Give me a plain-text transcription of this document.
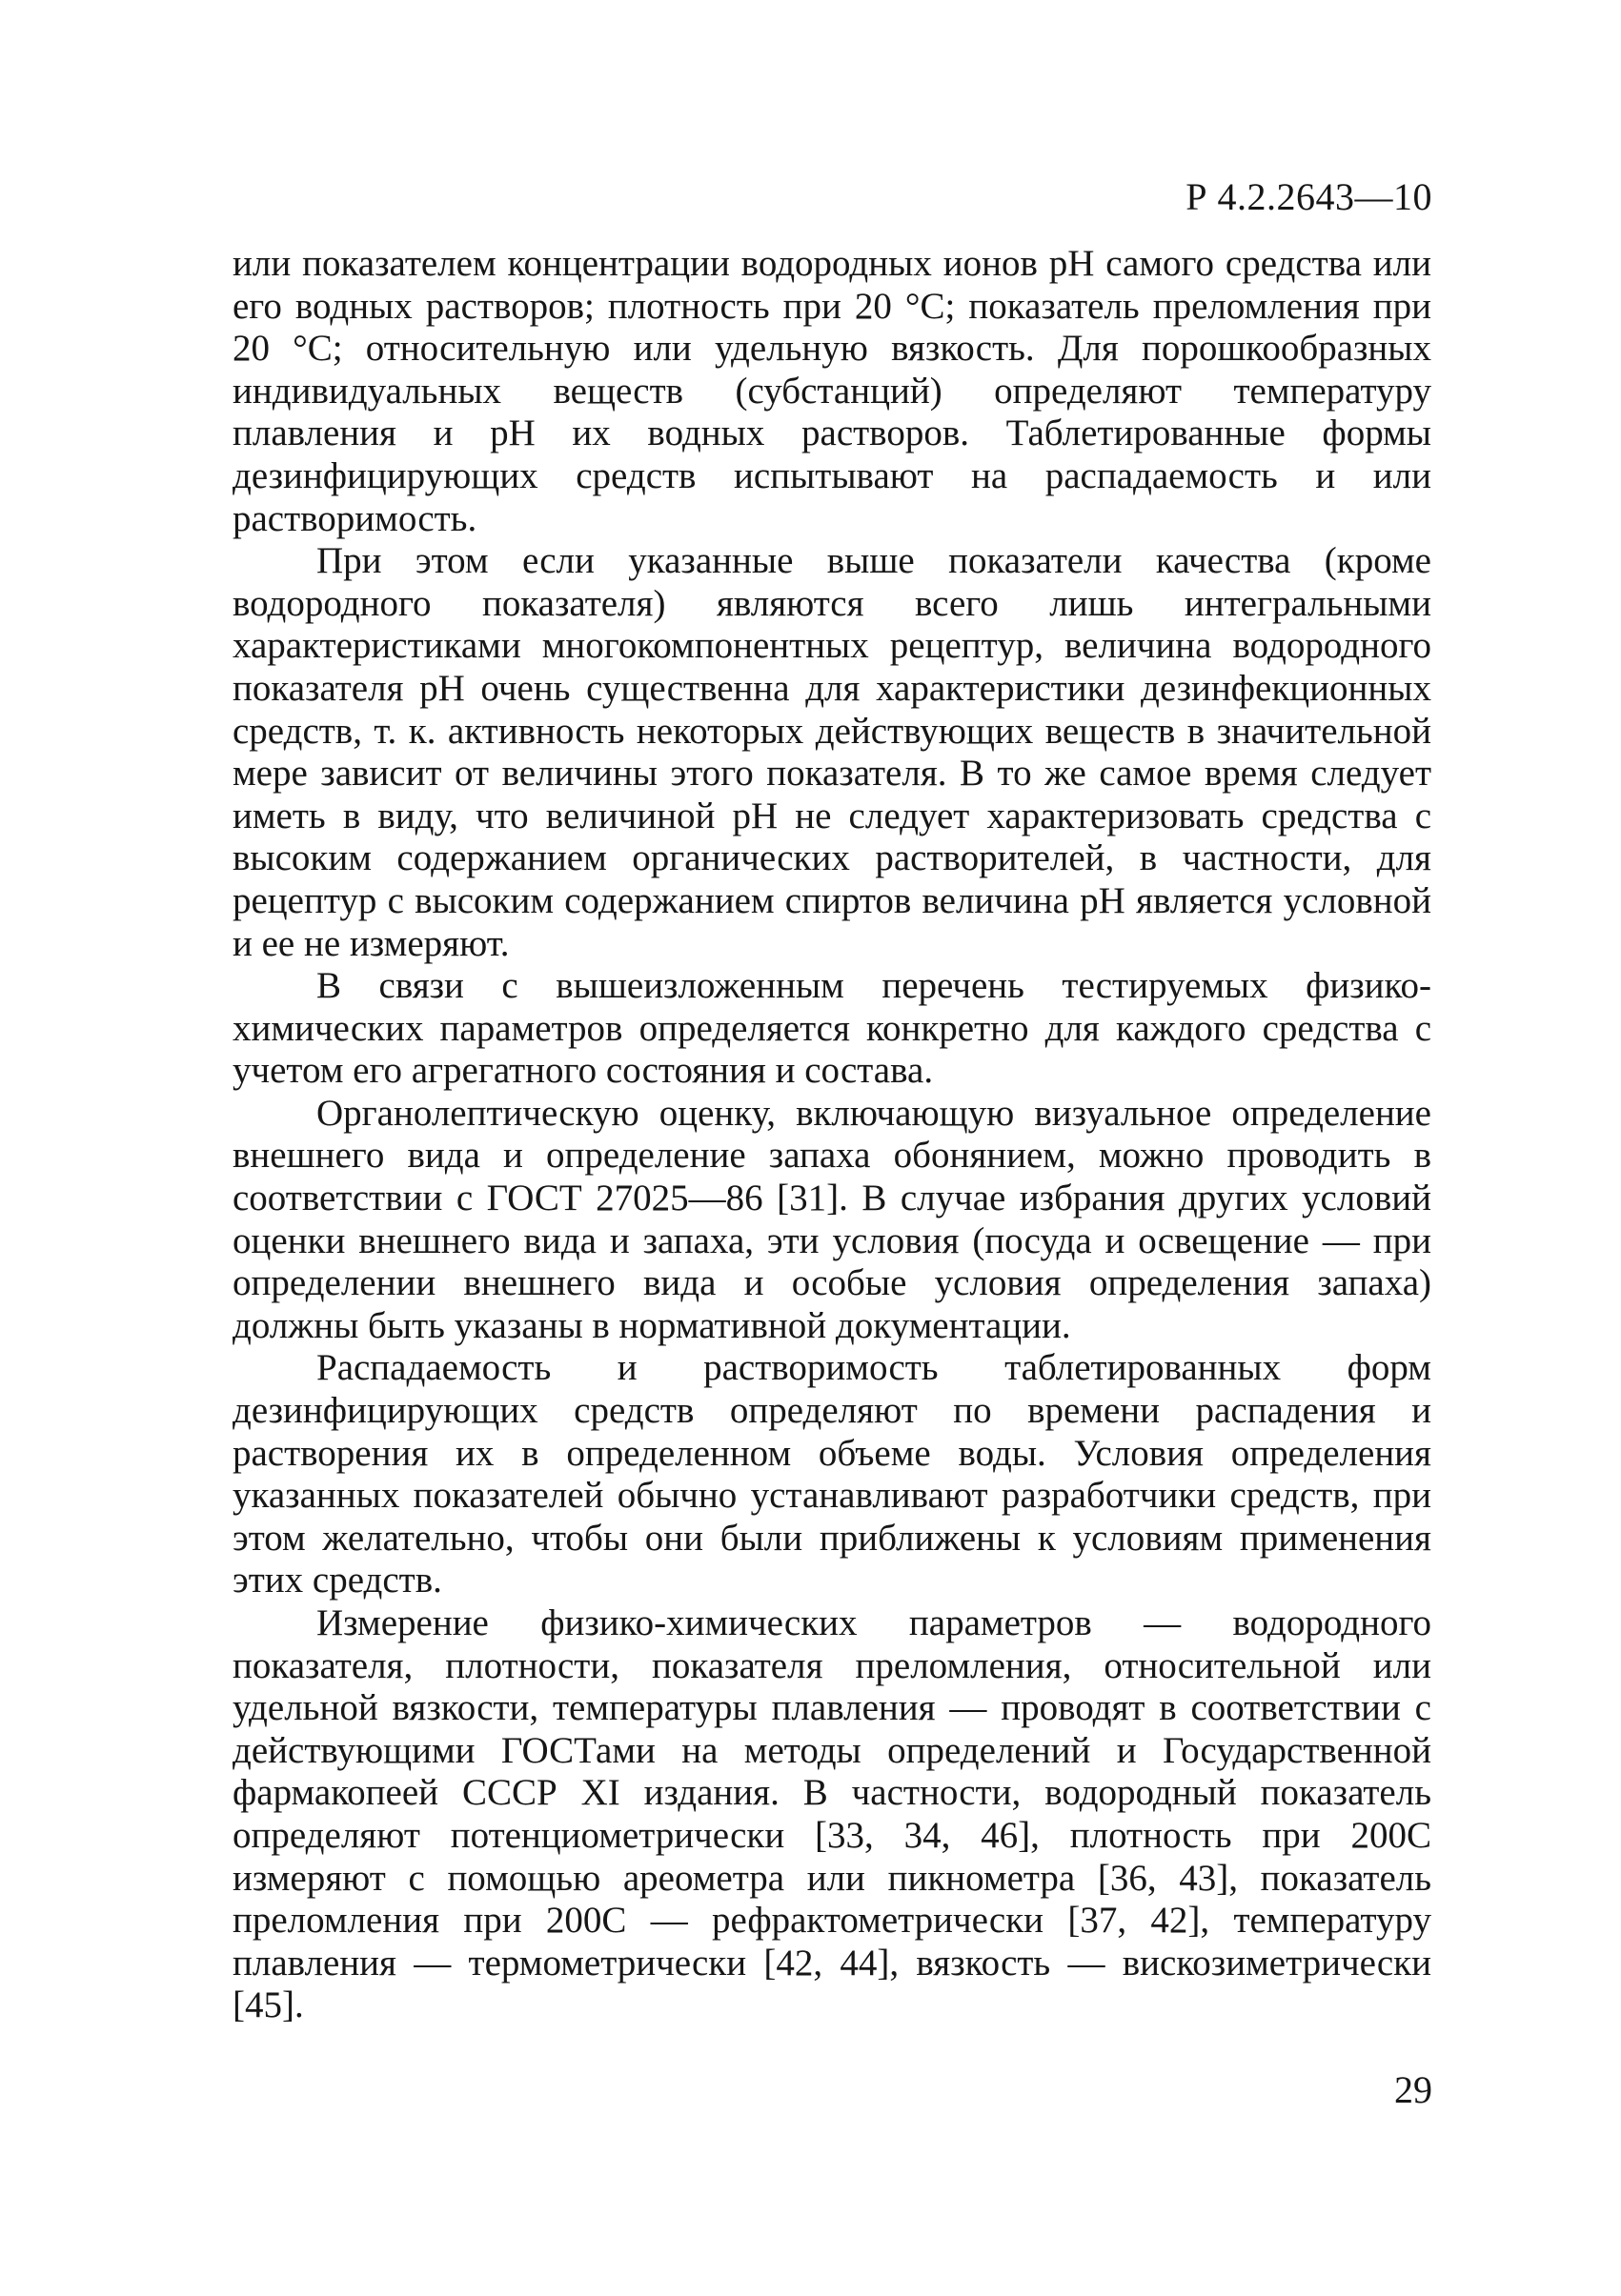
Р 4.2.2643—10

или показателем концентрации водородных ионов рН самого средства или его водных растворов; плотность при 20 °С; показатель преломления при 20 °С; относительную или удельную вязкость. Для порошкообразных индивидуальных веществ (субстанций) определяют температуру плавления и рН их водных растворов. Таблетированные формы дезинфицирующих средств испытывают на распадаемость и или растворимость.

При этом если указанные выше показатели качества (кроме водородного показателя) являются всего лишь интегральными характеристиками многокомпонентных рецептур, величина водородного показателя рН очень существенна для характеристики дезинфекционных средств, т. к. активность некоторых действующих веществ в значительной мере зависит от величины этого показателя. В то же самое время следует иметь в виду, что величиной рН не следует характеризовать средства с высоким содержанием органических растворителей, в частности, для рецептур с высоким содержанием спиртов величина рН является условной и ее не измеряют.

В связи с вышеизложенным перечень тестируемых физико-химических параметров определяется конкретно для каждого средства с учетом его агрегатного состояния и состава.

Органолептическую оценку, включающую визуальное определение внешнего вида и определение запаха обонянием, можно проводить в соответствии с ГОСТ 27025—86 [31]. В случае избрания других условий оценки внешнего вида и запаха, эти условия (посуда и освещение — при определении внешнего вида и особые условия определения запаха) должны быть указаны в нормативной документации.

Распадаемость и растворимость таблетированных форм дезинфицирующих средств определяют по времени распадения и растворения их в определенном объеме воды. Условия определения указанных показателей обычно устанавливают разработчики средств, при этом желательно, чтобы они были приближены к условиям применения этих средств.

Измерение физико-химических параметров — водородного показателя, плотности, показателя преломления, относительной или удельной вязкости, температуры плавления — проводят в соответствии с действующими ГОСТами на методы определений и Государственной фармакопеей СССР XI издания. В частности, водородный показатель определяют потенциометрически [33, 34, 46], плотность при 200С измеряют с помощью ареометра или пикнометра [36, 43], показатель преломления при 200С — рефрактометрически [37, 42], температуру плавления — термометрически [42, 44], вязкость — вискозиметрически [45].

29
